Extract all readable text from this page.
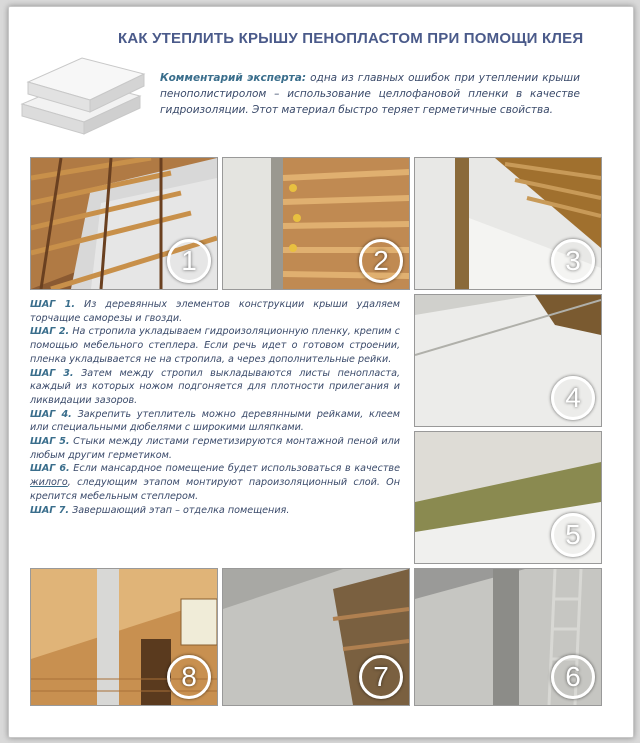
КАК УТЕПЛИТЬ КРЫШУ ПЕНОПЛАСТОМ ПРИ ПОМОЩИ КЛЕЯ
Комментарий эксперта: одна из главных ошибок при утеплении крыши пенополистиролом – использование целлофановой пленки в качестве гидроизоляции. Этот материал быстро теряет герметичные свойства.
1	2	3
4
5
8	7	6

ШАГ 1. Из деревянных элементов конструкции крыши удаляем торчащие саморезы и гвозди.

ШАГ 2. На стропила укладываем гидроизоляционную пленку, крепим с помощью мебельного степлера. Если речь идет о готовом строении, пленка укладывается не на стропила, а через дополнительные рейки.

ШАГ 3. Затем между стропил выкладываются листы пенопласта, каждый из которых ножом подгоняется для плотности прилегания и ликвидации зазоров.

ШАГ 4. Закрепить утеплитель можно деревянными рейками, клеем или специальными дюбелями с широкими шляпками.

ШАГ 5. Стыки между листами герметизируются монтажной пеной или любым другим герметиком.

ШАГ 6. Если мансардное помещение будет использоваться в качестве жилого, следующим этапом монтируют пароизоляционный слой. Он крепится мебельным степлером.

ШАГ 7. Завершающий этап – отделка помещения.
